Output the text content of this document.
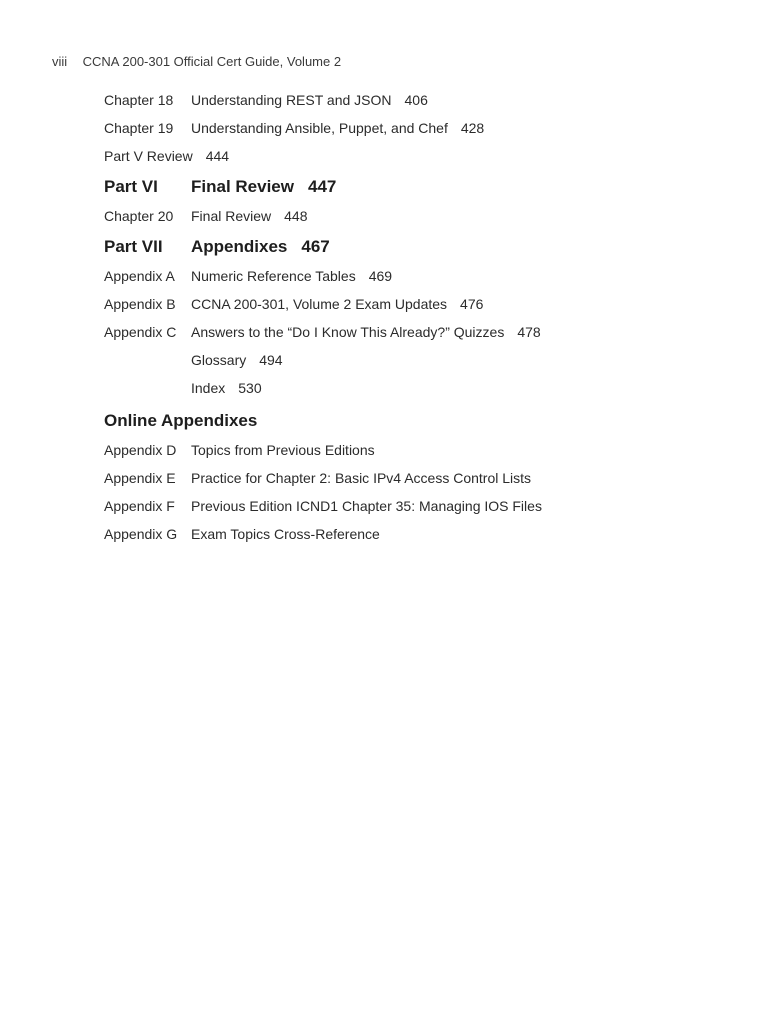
viii CCNA 200-301 Official Cert Guide, Volume 2
Chapter 18 Understanding REST and JSON 406
Chapter 19 Understanding Ansible, Puppet, and Chef 428
Part V Review 444
Part VI Final Review 447
Chapter 20 Final Review 448
Part VII Appendixes 467
Appendix A Numeric Reference Tables 469
Appendix B CCNA 200-301, Volume 2 Exam Updates 476
Appendix C Answers to the “Do I Know This Already?” Quizzes 478
Glossary 494
Index 530
Online Appendixes
Appendix D Topics from Previous Editions
Appendix E Practice for Chapter 2: Basic IPv4 Access Control Lists
Appendix F Previous Edition ICND1 Chapter 35: Managing IOS Files
Appendix G Exam Topics Cross-Reference
